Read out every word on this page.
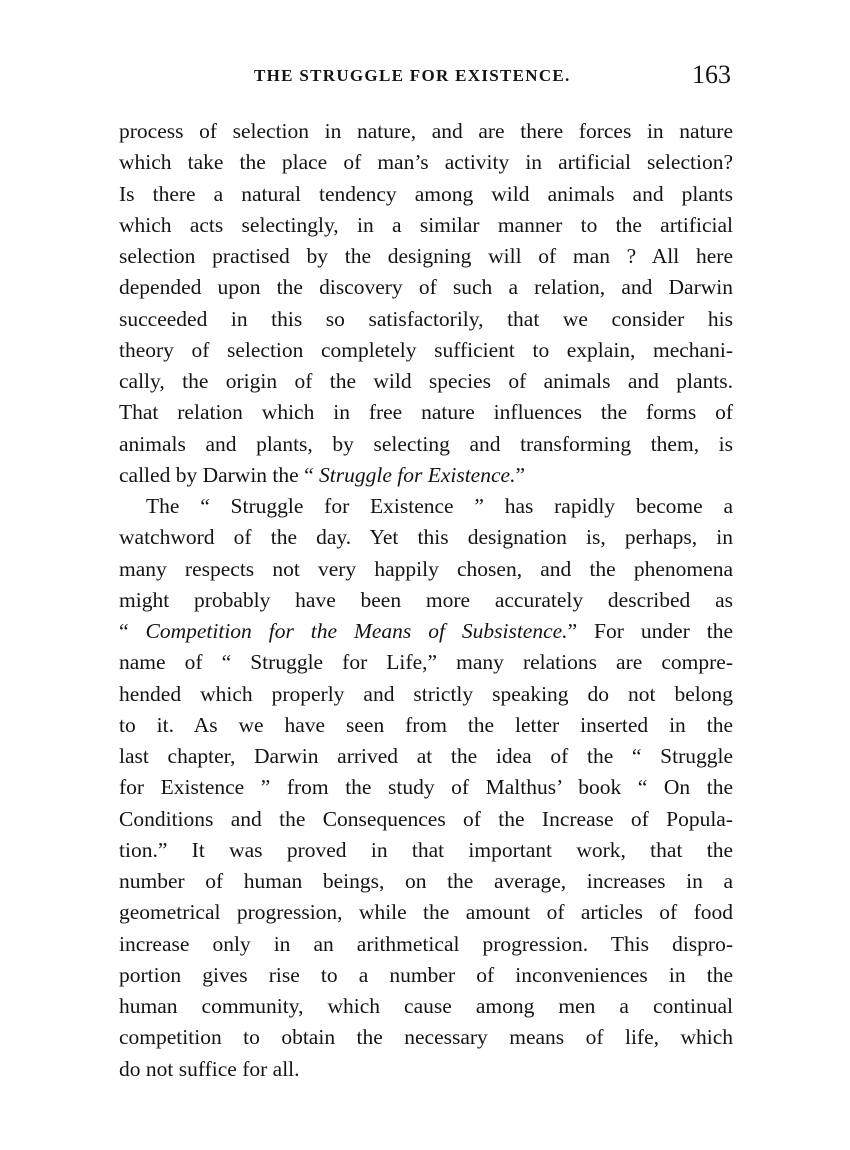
THE STRUGGLE FOR EXISTENCE.	163
process of selection in nature, and are there forces in nature
which take the place of man’s activity in artificial selection?
Is there a natural tendency among wild animals and plants
which acts selectingly, in a similar manner to the artificial
selection practised by the designing will of man ? All here
depended upon the discovery of such a relation, and Darwin
succeeded in this so satisfactorily, that we consider his
theory of selection completely sufficient to explain, mechani-
cally, the origin of the wild species of animals and plants.
That relation which in free nature influences the forms of
animals and plants, by selecting and transforming them, is
called by Darwin the “ Struggle for Existence.”
The “ Struggle for Existence ” has rapidly become a
watchword of the day. Yet this designation is, perhaps, in
many respects not very happily chosen, and the phenomena
might probably have been more accurately described as
“ Competition for the Means of Subsistence.” For under the
name of “ Struggle for Life,” many relations are compre-
hended which properly and strictly speaking do not belong
to it. As we have seen from the letter inserted in the
last chapter, Darwin arrived at the idea of the “ Struggle
for Existence ” from the study of Malthus’ book “ On the
Conditions and the Consequences of the Increase of Popula-
tion.” It was proved in that important work, that the
number of human beings, on the average, increases in a
geometrical progression, while the amount of articles of food
increase only in an arithmetical progression. This dispro-
portion gives rise to a number of inconveniences in the
human community, which cause among men a continual
competition to obtain the necessary means of life, which
do not suffice for all.
